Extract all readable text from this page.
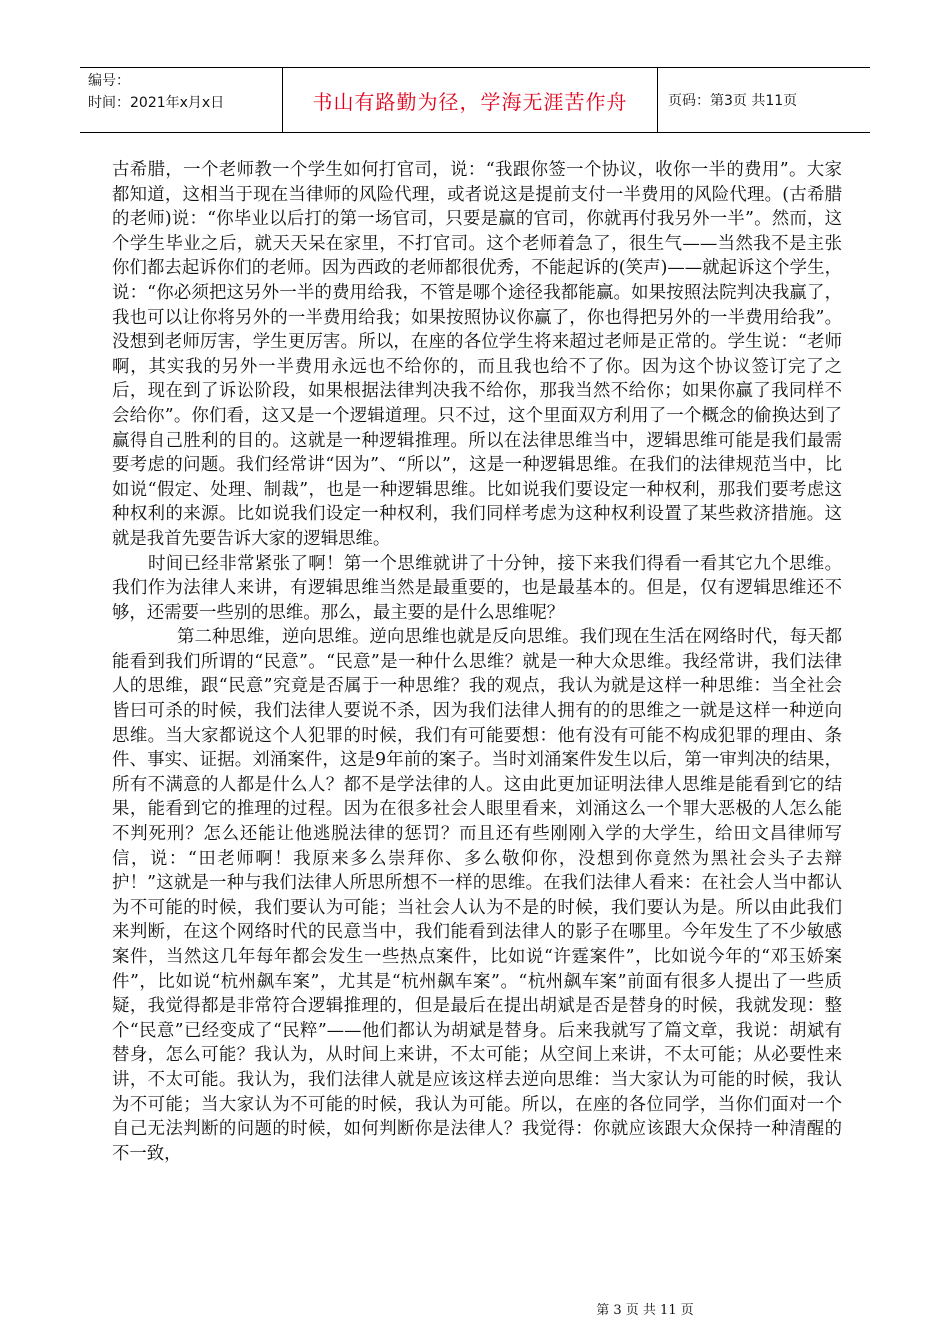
编号：
时间：2021年x月x日	书山有路勤为径，学海无涯苦作舟	页码：第3页 共11页

古希腊，一个老师教一个学生如何打官司，说：“我跟你签一个协议，收你一半的费用”。大家都知道，这相当于现在当律师的风险代理，或者说这是提前支付一半费用的风险代理。(古希腊的老师)说：“你毕业以后打的第一场官司，只要是赢的官司，你就再付我另外一半”。然而，这个学生毕业之后，就天天呆在家里，不打官司。这个老师着急了，很生气——当然我不是主张你们都去起诉你们的老师。因为西政的老师都很优秀，不能起诉的(笑声)——就起诉这个学生，说：“你必须把这另外一半的费用给我，不管是哪个途径我都能赢。如果按照法院判决我赢了，我也可以让你将另外的一半费用给我；如果按照协议你赢了，你也得把另外的一半费用给我”。没想到老师厉害，学生更厉害。所以，在座的各位学生将来超过老师是正常的。学生说：“老师啊，其实我的另外一半费用永远也不给你的，而且我也给不了你。因为这个协议签订完了之后，现在到了诉讼阶段，如果根据法律判决我不给你，那我当然不给你；如果你赢了我同样不会给你”。你们看，这又是一个逻辑道理。只不过，这个里面双方利用了一个概念的偷换达到了赢得自己胜利的目的。这就是一种逻辑推理。所以在法律思维当中，逻辑思维可能是我们最需要考虑的问题。我们经常讲“因为”、“所以”，这是一种逻辑思维。在我们的法律规范当中，比如说“假定、处理、制裁”，也是一种逻辑思维。比如说我们要设定一种权利，那我们要考虑这种权利的来源。比如说我们设定一种权利，我们同样考虑为这种权利设置了某些救济措施。这就是我首先要告诉大家的逻辑思维。

时间已经非常紧张了啊！第一个思维就讲了十分钟，接下来我们得看一看其它九个思维。我们作为法律人来讲，有逻辑思维当然是最重要的，也是最基本的。但是，仅有逻辑思维还不够，还需要一些别的思维。那么，最主要的是什么思维呢？

第二种思维，逆向思维。逆向思维也就是反向思维。我们现在生活在网络时代，每天都能看到我们所谓的“民意”。“民意”是一种什么思维？就是一种大众思维。我经常讲，我们法律人的思维，跟“民意”究竟是否属于一种思维？我的观点，我认为就是这样一种思维：当全社会皆曰可杀的时候，我们法律人要说不杀，因为我们法律人拥有的的思维之一就是这样一种逆向思维。当大家都说这个人犯罪的时候，我们有可能要想：他有没有可能不构成犯罪的理由、条件、事实、证据。刘涌案件，这是9年前的案子。当时刘涌案件发生以后，第一审判决的结果，所有不满意的人都是什么人？都不是学法律的人。这由此更加证明法律人思维是能看到它的结果，能看到它的推理的过程。因为在很多社会人眼里看来，刘涌这么一个罪大恶极的人怎么能不判死刑？怎么还能让他逃脱法律的惩罚？而且还有些刚刚入学的大学生，给田文昌律师写信，说：“田老师啊！我原来多么崇拜你、多么敬仰你，没想到你竟然为黑社会头子去辩护！”这就是一种与我们法律人所思所想不一样的思维。在我们法律人看来：在社会人当中都认为不可能的时候，我们要认为可能；当社会人认为不是的时候，我们要认为是。所以由此我们来判断，在这个网络时代的民意当中，我们能看到法律人的影子在哪里。今年发生了不少敏感案件，当然这几年每年都会发生一些热点案件，比如说“许霆案件”，比如说今年的“邓玉娇案件”，比如说“杭州飙车案”，尤其是“杭州飙车案”。“杭州飙车案”前面有很多人提出了一些质疑，我觉得都是非常符合逻辑推理的，但是最后在提出胡斌是否是替身的时候，我就发现：整个“民意”已经变成了“民粹”——他们都认为胡斌是替身。后来我就写了篇文章，我说：胡斌有替身，怎么可能？我认为，从时间上来讲，不太可能；从空间上来讲，不太可能；从必要性来讲，不太可能。我认为，我们法律人就是应该这样去逆向思维：当大家认为可能的时候，我认为不可能；当大家认为不可能的时候，我认为可能。所以，在座的各位同学，当你们面对一个自己无法判断的问题的时候，如何判断你是法律人？我觉得：你就应该跟大众保持一种清醒的不一致，

第 3 页 共 11 页
